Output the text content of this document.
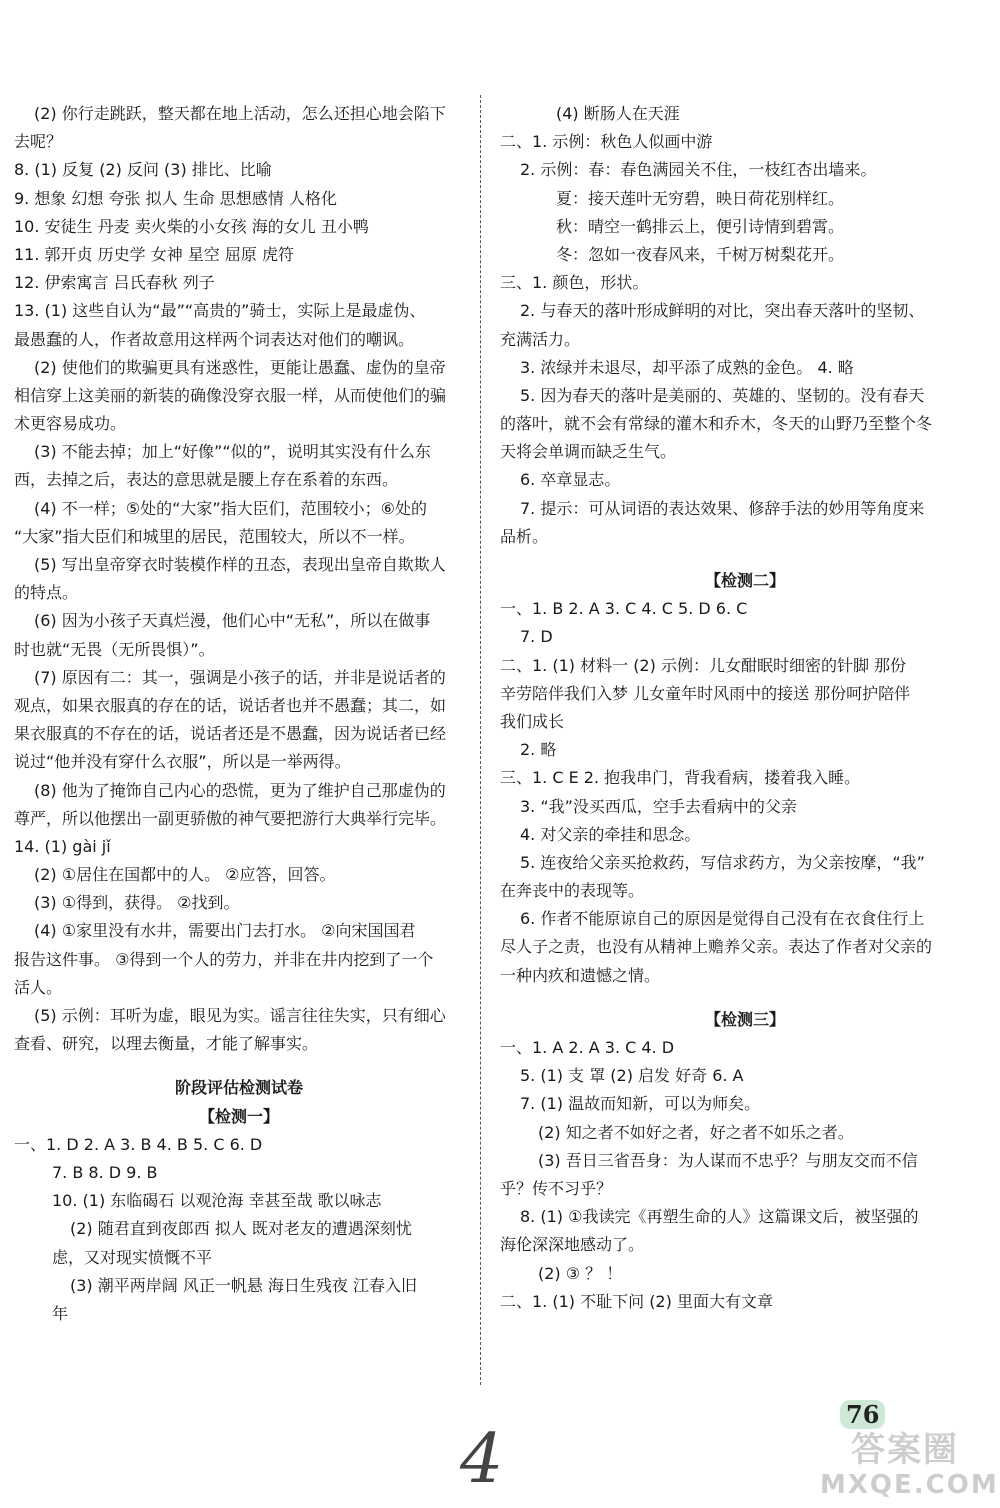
(2) 你行走跳跃，整天都在地上活动，怎么还担心地会陷下
去呢？
8. (1) 反复 (2) 反问 (3) 排比、比喻
9. 想象 幻想 夸张 拟人 生命 思想感情 人格化
10. 安徒生 丹麦 卖火柴的小女孩 海的女儿 丑小鸭
11. 郭开贞 历史学 女神 星空 屈原 虎符
12. 伊索寓言 吕氏春秋 列子
13. (1) 这些自认为“最”“高贵的”骑士，实际上是最虚伪、
最愚蠢的人，作者故意用这样两个词表达对他们的嘲讽。
(2) 使他们的欺骗更具有迷惑性，更能让愚蠢、虚伪的皇帝
相信穿上这美丽的新装的确像没穿衣服一样，从而使他们的骗
术更容易成功。
(3) 不能去掉；加上“好像”“似的”，说明其实没有什么东
西，去掉之后，表达的意思就是腰上存在系着的东西。
(4) 不一样；⑤处的“大家”指大臣们，范围较小；⑥处的
“大家”指大臣们和城里的居民，范围较大，所以不一样。
(5) 写出皇帝穿衣时装模作样的丑态，表现出皇帝自欺欺人
的特点。
(6) 因为小孩子天真烂漫，他们心中“无私”，所以在做事
时也就“无畏（无所畏惧）”。
(7) 原因有二：其一，强调是小孩子的话，并非是说话者的
观点，如果衣服真的存在的话，说话者也并不愚蠢；其二，如
果衣服真的不存在的话，说话者还是不愚蠢，因为说话者已经
说过“他并没有穿什么衣服”，所以是一举两得。
(8) 他为了掩饰自己内心的恐慌，更为了维护自己那虚伪的
尊严，所以他摆出一副更骄傲的神气要把游行大典举行完毕。
14. (1) gài jǐ
(2) ①居住在国都中的人。 ②应答，回答。
(3) ①得到，获得。 ②找到。
(4) ①家里没有水井，需要出门去打水。 ②向宋国国君
报告这件事。 ③得到一个人的劳力，并非在井内挖到了一个
活人。
(5) 示例：耳听为虚，眼见为实。谣言往往失实，只有细心
查看、研究，以理去衡量，才能了解事实。
阶段评估检测试卷
【检测一】
一、1. D 2. A 3. B 4. B 5. C 6. D
7. B 8. D 9. B
10. (1) 东临碣石 以观沧海 幸甚至哉 歌以咏志
(2) 随君直到夜郎西 拟人 既对老友的遭遇深刻忧
虑，又对现实愤慨不平
(3) 潮平两岸阔 风正一帆悬 海日生残夜 江春入旧
年
(4) 断肠人在天涯
二、1. 示例：秋色人似画中游
2. 示例：春：春色满园关不住，一枝红杏出墙来。
夏：接天莲叶无穷碧，映日荷花别样红。
秋：晴空一鹤排云上，便引诗情到碧霄。
冬：忽如一夜春风来，千树万树梨花开。
三、1. 颜色，形状。
2. 与春天的落叶形成鲜明的对比，突出春天落叶的坚韧、
充满活力。
3. 浓绿并未退尽，却平添了成熟的金色。 4. 略
5. 因为春天的落叶是美丽的、英雄的、坚韧的。没有春天
的落叶，就不会有常绿的灌木和乔木，冬天的山野乃至整个冬
天将会单调而缺乏生气。
6. 卒章显志。
7. 提示：可从词语的表达效果、修辞手法的妙用等角度来
品析。
【检测二】
一、1. B 2. A 3. C 4. C 5. D 6. C
7. D
二、1. (1) 材料一 (2) 示例：儿女酣眠时细密的针脚 那份
辛劳陪伴我们入梦 儿女童年时风雨中的接送 那份呵护陪伴
我们成长
2. 略
三、1. C E 2. 抱我串门，背我看病，搂着我入睡。
3. “我”没买西瓜，空手去看病中的父亲
4. 对父亲的牵挂和思念。
5. 连夜给父亲买抢救药，写信求药方，为父亲按摩，“我”
在奔丧中的表现等。
6. 作者不能原谅自己的原因是觉得自己没有在衣食住行上
尽人子之责，也没有从精神上赡养父亲。表达了作者对父亲的
一种内疚和遗憾之情。
【检测三】
一、1. A 2. A 3. C 4. D
5. (1) 支 罩 (2) 启发 好奇 6. A
7. (1) 温故而知新，可以为师矣。
(2) 知之者不如好之者，好之者不如乐之者。
(3) 吾日三省吾身：为人谋而不忠乎？与朋友交而不信
乎？传不习乎？
8. (1) ①我读完《再塑生命的人》这篇课文后，被坚强的
海伦深深地感动了。
(2) ③ ？ ！
二、1. (1) 不耻下问 (2) 里面大有文章
76
4	答案圈
MXQE.COM
